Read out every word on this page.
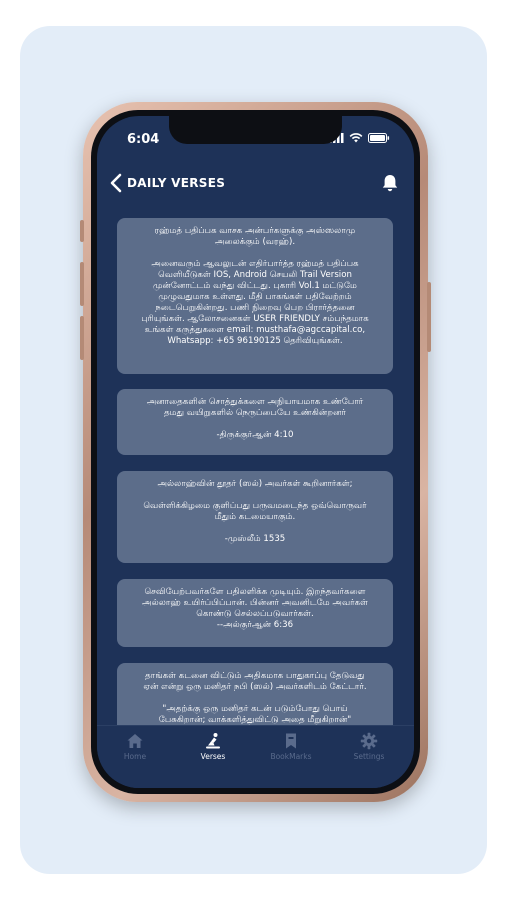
6:04
DAILY VERSES

ரஹ்மத் பதிப்பக வாசக அன்பர்களுக்கு அஸ்ஸலாமு

அலைக்கும் (வரஹ்).

அனைவரும் ஆவலுடன் எதிர்பார்த்த ரஹ்மத் பதிப்பக

வெளியீடுகள் IOS, Android செயலி Trail Version

முன்னோட்டம் வந்து விட்டது. புகாரி Vol.1 மட்டுமே

முழுவதுமாக உள்ளது. மீதி பாகங்கள் பதிவேற்றம்

நடைபெறுகின்றது. பணி நிறைவு பெற பிரார்த்தனை

புரியுங்கள். ஆலோசனைகள் USER FRIENDLY சம்பந்தமாக

உங்கள் கருத்துகளை email: musthafa@agccapital.co,

Whatsapp: +65 96190125 தெரிவியுங்கள்.

அனாதைகளின் சொத்துக்களை அநியாயமாக உண்போர்

தமது வயிறுகளில் நெருப்பையே உண்கின்றனர்

-திருக்குர்ஆன் 4:10

அல்லாஹ்வின் தூதர் (ஸல்) அவர்கள் கூறினார்கள்;

வெள்ளிக்கிழமை குளிப்பது பருவமடைந்த ஒவ்வொருவர்

மீதும் கடமையாகும்.

-முஸ்லீம் 1535

செவியேற்பவர்களே பதிலளிக்க முடியும். இறந்தவர்களை

அல்லாஹ் உயிர்ப்பிப்பான். பின்னர் அவனிடமே அவர்கள்

கொண்டு செல்லப்படுவார்கள்.

--அல்குர்ஆன் 6:36

தாங்கள் கடனை விட்டும் அதிகமாக பாதுகாப்பு தேடுவது

ஏன் என்று ஒரு மனிதர் நபி (ஸல்) அவர்களிடம் கேட்டார்.

"அதற்க்கு ஒரு மனிதர் கடன் படும்போது பொய்

பேசுகிறான்; வாக்களித்துவிட்டு அதை மீறுகிறான்"

Home	Verses	BookMarks	Settings
